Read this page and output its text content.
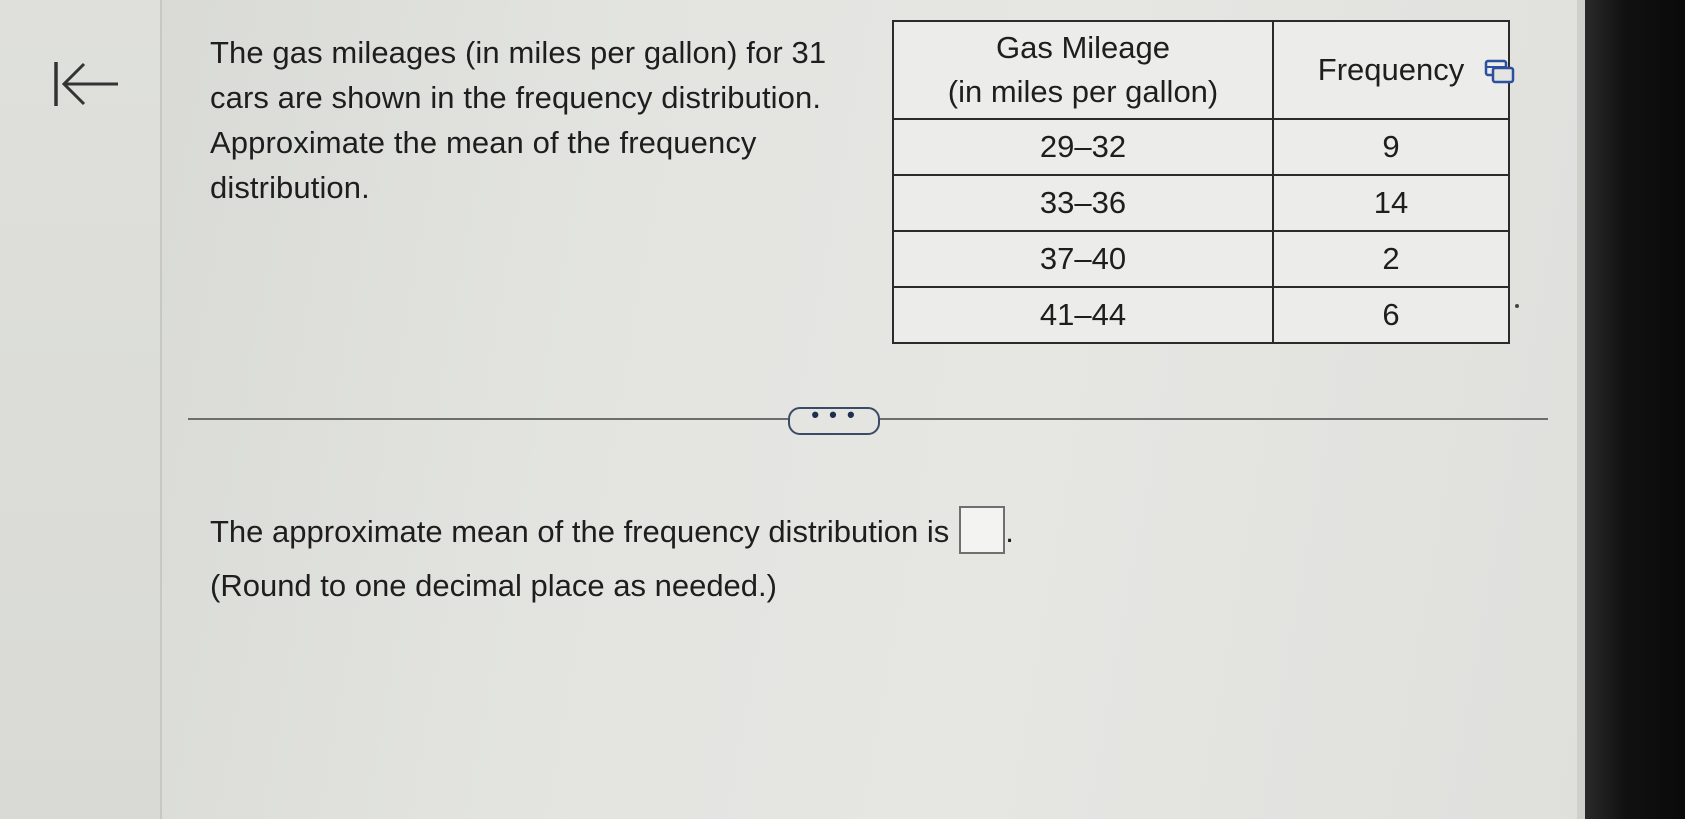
The gas mileages (in miles per gallon) for 31 cars are shown in the frequency distribution. Approximate the mean of the frequency distribution.
Gas Mileage
(in miles per gallon)	Frequency
29–32	9
33–36	14
37–40	2
41–44	6
• • •
The approximate mean of the frequency distribution is .
(Round to one decimal place as needed.)
